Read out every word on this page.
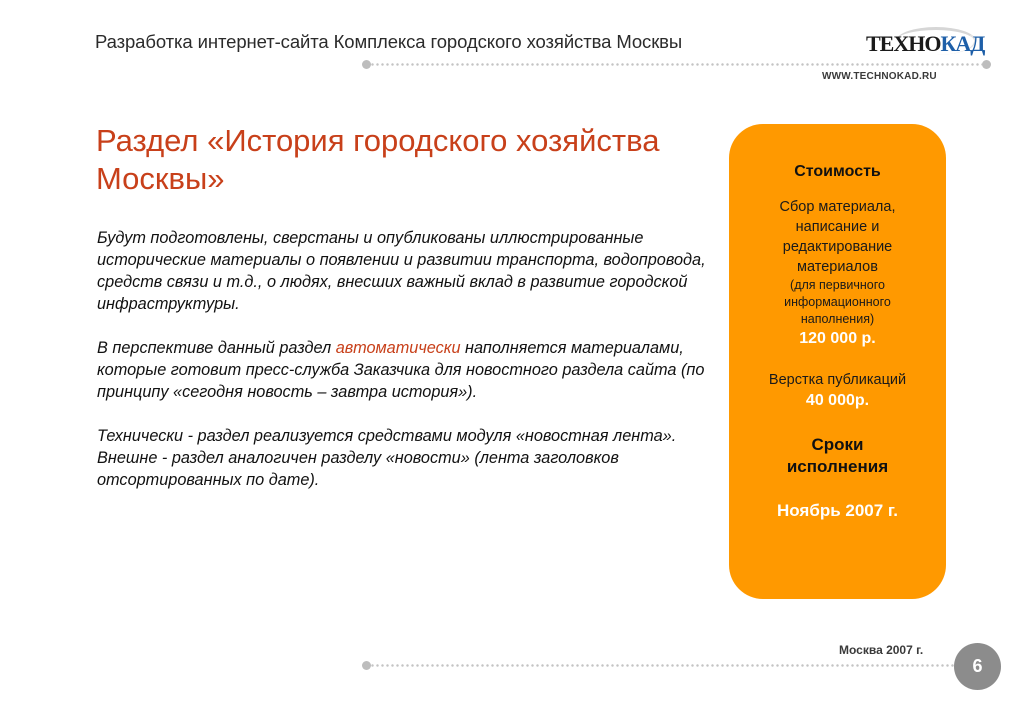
Разработка интернет-сайта Комплекса городского хозяйства Москвы	ТЕХНОКАД
WWW.TECHNOKAD.RU
Раздел «История городского хозяйства Москвы»

Будут подготовлены, сверстаны и опубликованы иллюстрированные исторические материалы о появлении и развитии транспорта, водопровода, средств связи и т.д., о людях, внесших важный вклад в развитие городской инфраструктуры.

В перспективе данный раздел автоматически наполняется материалами, которые готовит пресс-служба Заказчика для новостного раздела сайта (по принципу «сегодня новость – завтра история»).

Технически - раздел реализуется средствами модуля «новостная лента». Внешне - раздел аналогичен разделу «новости» (лента заголовков отсортированных по дате).

Стоимость
Сбор материала,
написание и
редактирование
материалов
(для первичного
информационного
наполнения)
120 000 р.
Верстка публикаций
40 000р.
Сроки
исполнения
Ноябрь 2007 г.
Москва 2007 г.
6
